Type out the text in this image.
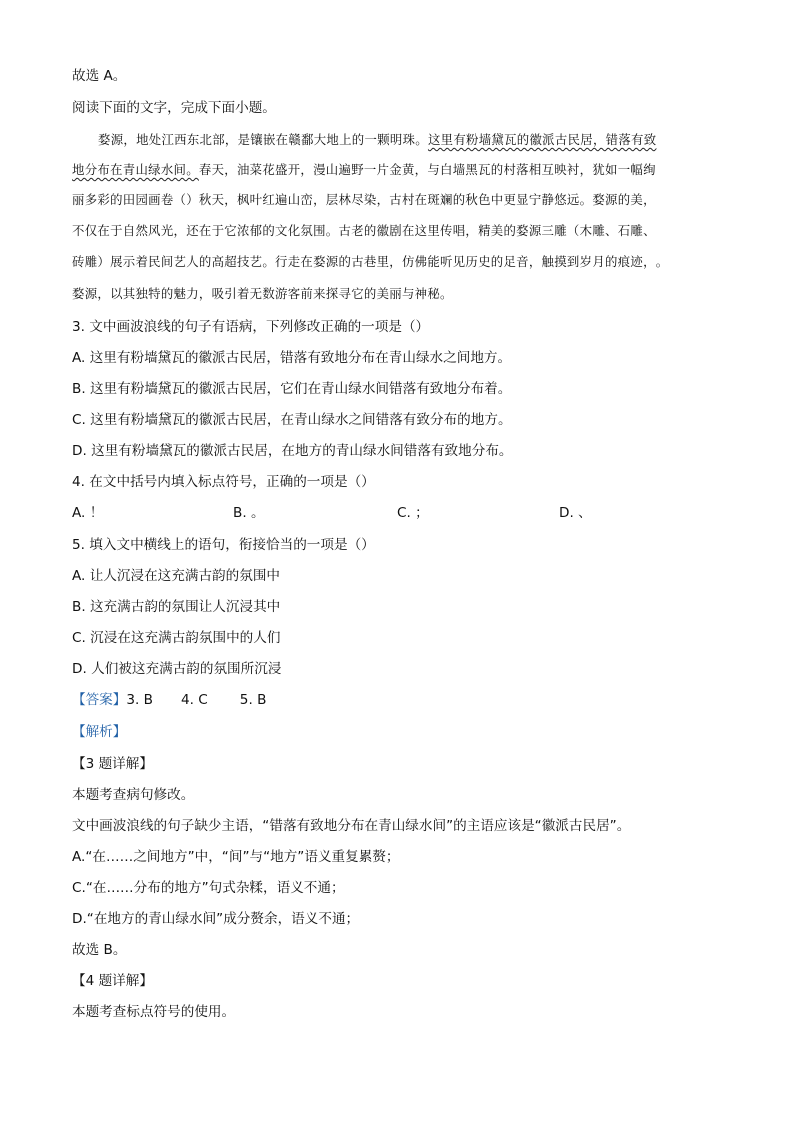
故选 A。
阅读下面的文字，完成下面小题。
婺源，地处江西东北部，是镶嵌在赣鄱大地上的一颗明珠。这里有粉墙黛瓦的徽派古民居，错落有致
地分布在青山绿水间。春天，油菜花盛开，漫山遍野一片金黄，与白墙黑瓦的村落相互映衬，犹如一幅绚
丽多彩的田园画卷（）秋天，枫叶红遍山峦，层林尽染，古村在斑斓的秋色中更显宁静悠远。婺源的美，
不仅在于自然风光，还在于它浓郁的文化氛围。古老的徽剧在这里传唱，精美的婺源三雕（木雕、石雕、
砖雕）展示着民间艺人的高超技艺。行走在婺源的古巷里，仿佛能听见历史的足音，触摸到岁月的痕迹，。
婺源，以其独特的魅力，吸引着无数游客前来探寻它的美丽与神秘。
3. 文中画波浪线的句子有语病，下列修改正确的一项是（）
A. 这里有粉墙黛瓦的徽派古民居，错落有致地分布在青山绿水之间地方。
B. 这里有粉墙黛瓦的徽派古民居，它们在青山绿水间错落有致地分布着。
C. 这里有粉墙黛瓦的徽派古民居，在青山绿水之间错落有致分布的地方。
D. 这里有粉墙黛瓦的徽派古民居，在地方的青山绿水间错落有致地分布。
4. 在文中括号内填入标点符号，正确的一项是（）
A. ！	B. 。	C. ；	D. 、
5. 填入文中横线上的语句，衔接恰当的一项是（）
A. 让人沉浸在这充满古韵的氛围中
B. 这充满古韵的氛围让人沉浸其中
C. 沉浸在这充满古韵氛围中的人们
D. 人们被这充满古韵的氛围所沉浸
【答案】3. B 4. C 5. B
【解析】
【3 题详解】
本题考查病句修改。
文中画波浪线的句子缺少主语，“错落有致地分布在青山绿水间”的主语应该是“徽派古民居”。
A.“在……之间地方”中，“间”与“地方”语义重复累赘；
C.“在……分布的地方”句式杂糅，语义不通；
D.“在地方的青山绿水间”成分赘余，语义不通；
故选 B。
【4 题详解】
本题考查标点符号的使用。
